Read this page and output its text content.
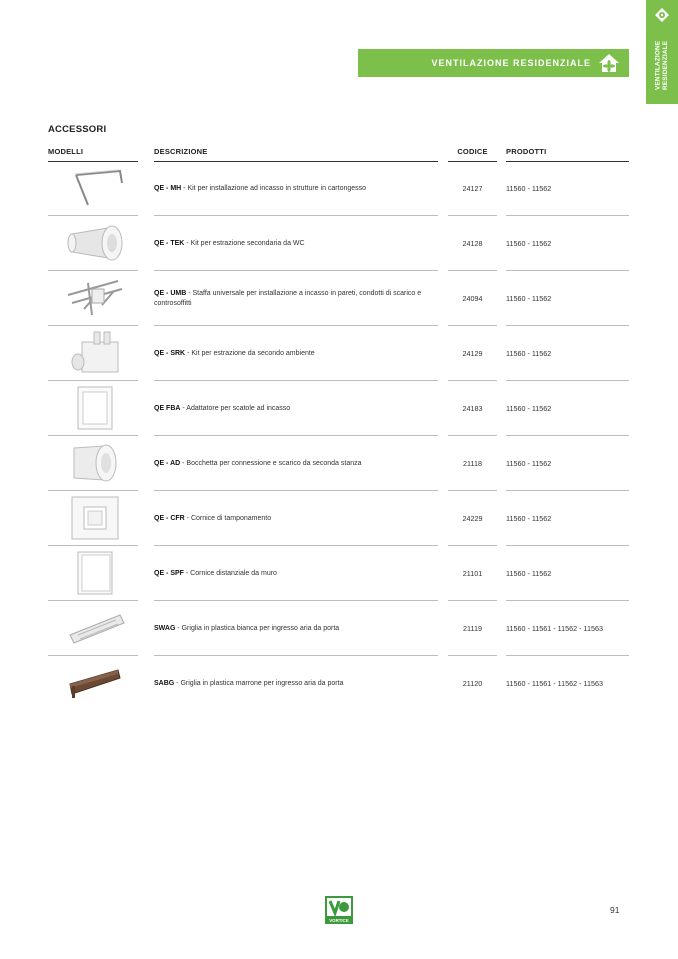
VENTILAZIONE RESIDENZIALE
VENTILAZIONE RESIDENZIALE
ACCESSORI
MODELLI	DESCRIZIONE	CODICE	PRODOTTI
QE - MH - Kit per installazione ad incasso in strutture in cartongesso	24127	11560 - 11562
QE - TEK - Kit per estrazione secondaria da WC	24128	11560 - 11562
QE - UMB - Staffa universale per installazione a incasso in pareti, condotti di scarico e controsoffitti	24094	11560 - 11562
QE - SRK - Kit per estrazione da secondo ambiente	24129	11560 - 11562
QE FBA - Adattatore per scatole ad incasso	24183	11560 - 11562
QE - AD - Bocchetta per connessione e scarico da seconda stanza	21118	11560 - 11562
QE - CFR - Cornice di tamponamento	24229	11560 - 11562
QE - SPF - Cornice distanziale da muro	21101	11560 - 11562
SWAG - Griglia in plastica bianca per ingresso aria da porta	21119	11560 - 11561 - 11562 - 11563
SABG - Griglia in plastica marrone per ingresso aria da porta	21120	11560 - 11561 - 11562 - 11563
VORTICE
91
